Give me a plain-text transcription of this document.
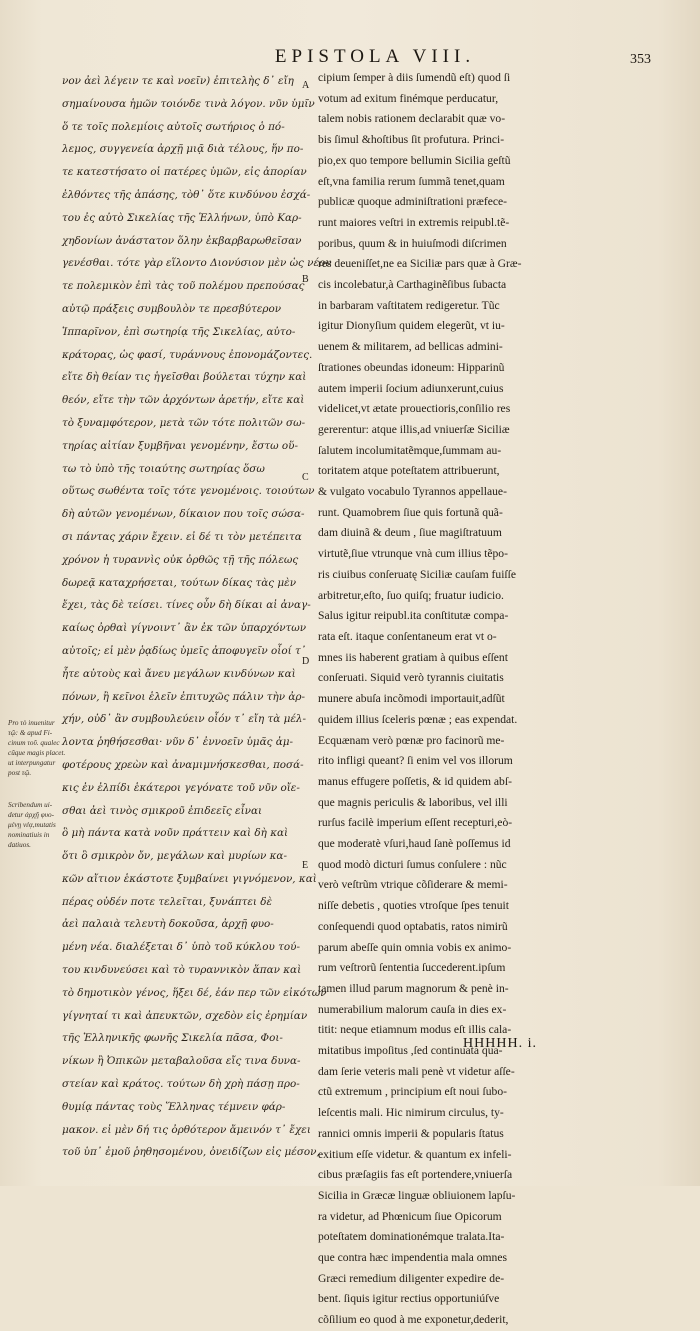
EPISTOLA VIII.	353
Pro τὸ inuenitur
τῷ: & apud Fi-
cinum τοῦ. qualec
cũque magis placet.
ut interpungatur
post τῷ.
Scribendum ui-
detur ἀρχῇ φυο-
μένῃ νέᾳ,mutatis
nominatiuis in
datiuos.
νον ἀεὶ λέγειν τε καὶ νοεῖν) ἐπιτελὴς δ᾽ εἴη
σημαίνουσα ἡμῶν τοιόνδε τινὰ λόγον. νῦν ὑμῖν
ὅ τε τοῖς πολεμίοις αὐτοῖς σωτήριος ὁ πό-
λεμος, συγγενεία ἀρχῇ μιᾷ διὰ τέλους, ἥν πο-
τε κατεστήσατο οἱ πατέρες ὑμῶν, εἰς ἀπορίαν
ἐλθόντες τῆς ἁπάσης, τὸθ᾽ ὅτε κινδύνου ἐσχά-
του ἐς αὐτὸ Σικελίας τῆς Ἑλλήνων, ὑπὸ Καρ-
χηδονίων ἀνάστατον ὅλην ἐκβαρβαρωθεῖσαν
γενέσθαι. τότε γὰρ εἵλοντο Διονύσιον μὲν ὡς νέον
τε πολεμικὸν ἐπὶ τὰς τοῦ πολέμου πρεπούσας
αὐτῷ πράξεις συμβουλὸν τε πρεσβύτερον
Ἱππαρῖνον, ἐπὶ σωτηρίᾳ τῆς Σικελίας, αὐτο-
κράτορας, ὡς φασί, τυράννους ἐπονομάζοντες.
εἴτε δὴ θείαν τις ἡγεῖσθαι βούλεται τύχην καὶ
θεόν, εἴτε τὴν τῶν ἀρχόντων ἀρετήν, εἴτε καὶ
τὸ ξυναμφότερον, μετὰ τῶν τότε πολιτῶν σω-
τηρίας αἰτίαν ξυμβῆναι γενομένην, ἔστω οὕ-
τω τὸ ὑπὸ τῆς τοιαύτης σωτηρίας ὅσω
οὕτως σωθέντα τοῖς τότε γενομένοις. τοιούτων
δὴ αὐτῶν γενομένων, δίκαιον που τοῖς σώσα-
σι πάντας χάριν ἔχειν. εἰ δέ τι τὸν μετέπειτα
χρόνον ἡ τυραννὶς οὐκ ὀρθῶς τῇ τῆς πόλεως
δωρεᾷ καταχρήσεται, τούτων δίκας τὰς μὲν
ἔχει, τὰς δὲ τείσει. τίνες οὖν δὴ δίκαι αἱ ἀναγ-
καίως ὀρθαὶ γίγνοιντ᾽ ἂν ἐκ τῶν ὑπαρχόντων
αὐτοῖς; εἰ μὲν ῥᾳδίως ὑμεῖς ἀποφυγεῖν οἷοί τ᾽
ἦτε αὐτοὺς καὶ ἄνευ μεγάλων κινδύνων καὶ
πόνων, ἢ κεῖνοι ἑλεῖν ἐπιτυχῶς πάλιν τὴν ἀρ-
χήν, οὐδ᾽ ἂν συμβουλεύειν οἷόν τ᾽ εἴη τὰ μέλ-
λοντα ῥηθήσεσθαι· νῦν δ᾽ ἐννοεῖν ὑμᾶς ἀμ-
φοτέρους χρεὼν καὶ ἀναμιμνήσκεσθαι, ποσά-
κις ἐν ἐλπίδι ἑκάτεροι γεγόνατε τοῦ νῦν οἴε-
σθαι ἀεὶ τινὸς σμικροῦ ἐπιδεεῖς εἶναι
ὃ μὴ πάντα κατὰ νοῦν πράττειν καὶ δὴ καὶ
ὅτι ὃ σμικρὸν ὄν, μεγάλων καὶ μυρίων κα-
κῶν αἴτιον ἑκάστοτε ξυμβαίνει γιγνόμενον, καὶ
πέρας οὐδέν ποτε τελεῖται, ξυνάπτει δὲ
ἀεὶ παλαιὰ τελευτὴ δοκοῦσα, ἀρχῇ φυο-
μένη νέα. διαλέξεται δ᾽ ὑπὸ τοῦ κύκλου τού-
του κινδυνεύσει καὶ τὸ τυραννικὸν ἅπαν καὶ
τὸ δημοτικὸν γένος, ἥξει δέ, ἐάν περ τῶν εἰκότων
γίγνηταί τι καὶ ἀπευκτῶν, σχεδὸν εἰς ἐρημίαν
τῆς Ἑλληνικῆς φωνῆς Σικελία πᾶσα, Φοι-
νίκων ἢ Ὀπικῶν μεταβαλοῦσα εἴς τινα δυνα-
στείαν καὶ κράτος. τούτων δὴ χρὴ πάσῃ προ-
θυμίᾳ πάντας τοὺς Ἕλληνας τέμνειν φάρ-
μακον. εἰ μὲν δή τις ὀρθότερον ἄμεινόν τ᾽ ἔχει
τοῦ ὑπ᾽ ἐμοῦ ῥηθησομένου, ὀνειδίζων εἰς μέσον,
A
B
C
D
E
cipium ſemper à diis ſumendũ eſt) quod ſi
votum ad exitum finémque perducatur,
talem nobis rationem declarabit quæ vo-
bis ſimul &hoſtibus ſit profutura. Princi-
pio,ex quo tempore bellumin Sicilia geſtũ
eſt,vna familia rerum ſummã tenet,quam
publicæ quoque adminiſtrationi præfece-
runt maiores veſtri in extremis reipubl.tẽ-
poribus, quum & in huiuſmodi diſcrimen
res deueniſſet,ne ea Siciliæ pars quæ à Græ-
cis incolebatur,à Carthaginẽſibus ſubacta
in barbaram vaſtitatem redigeretur. Tũc
igitur Dionyſium quidem elegerũt, vt iu-
uenem & militarem, ad bellicas admini-
ſtrationes obeundas idoneum: Hipparinũ
autem imperii ſocium adiunxerunt,cuius
videlicet,vt ætate prouectioris,conſilio res
gererentur: atque illis,ad vniuerſæ Siciliæ
ſalutem incolumitatẽmque,ſummam au-
toritatem atque poteſtatem attribuerunt,
& vulgato vocabulo Tyrannos appellaue-
runt. Quamobrem ſiue quis fortunã quã-
dam diuinã & deum , ſiue magiſtratuum
virtutẽ,ſiue vtrunque vnà cum illius tẽpo-
ris ciuibus conſeruatę Siciliæ cauſam fuiſſe
arbitretur,eſto, ſuo quiſq; fruatur iudicio.
Salus igitur reipubl.ita conſtitutæ compa-
rata eſt. itaque conſentaneum erat vt o-
mnes iis haberent gratiam à quibus eſſent
conſeruati. Siquid verò tyrannis ciuitatis
munere abuſa incõmodi importauit,adſũt
quidem illius ſceleris pœnæ ; eas expendat.
Ecquænam verò pœnæ pro facinorũ me-
rito infligi queant? ſi enim vel vos illorum
manus effugere poſſetis, & id quidem abſ-
que magnis periculis & laboribus, vel illi
rurſus facilè imperium eſſent recepturi,eò-
que moderatè vſuri,haud ſanè poſſemus id
quod modò dicturi ſumus conſulere : nũc
verò veſtrũm vtrique cõſiderare & memi-
niſſe debetis , quoties vtroſque ſpes tenuit
conſequendi quod optabatis, ratos nimirũ
parum abeſſe quin omnia vobis ex animo-
rum veſtrorũ ſententia ſuccederent.ipſum
tamen illud parum magnorum & penè in-
numerabilium malorum cauſa in dies ex-
titit: neque etiamnum modus eſt illis cala-
mitatibus impoſitus ,ſed continuata qua-
dam ſerie veteris mali penè vt videtur aſſe-
ctũ extremum , principium eſt noui ſubo-
leſcentis mali. Hic nimirum circulus, ty-
rannici omnis imperii & popularis ſtatus
exitium eſſe videtur. & quantum ex infeli-
cibus præſagiis fas eſt portendere,vniuerſa
Sicilia in Græcæ linguæ obliuionem lapſu-
ra videtur, ad Phœnicum ſiue Opicorum
poteſtatem dominationémque tralata.Ita-
que contra hæc impendentia mala omnes
Græci remedium diligenter expedire de-
bent. ſiquis igitur rectius opportuniúſve
cõſilium eo quod à me exponetur,dederit,
HHHHH. i.
